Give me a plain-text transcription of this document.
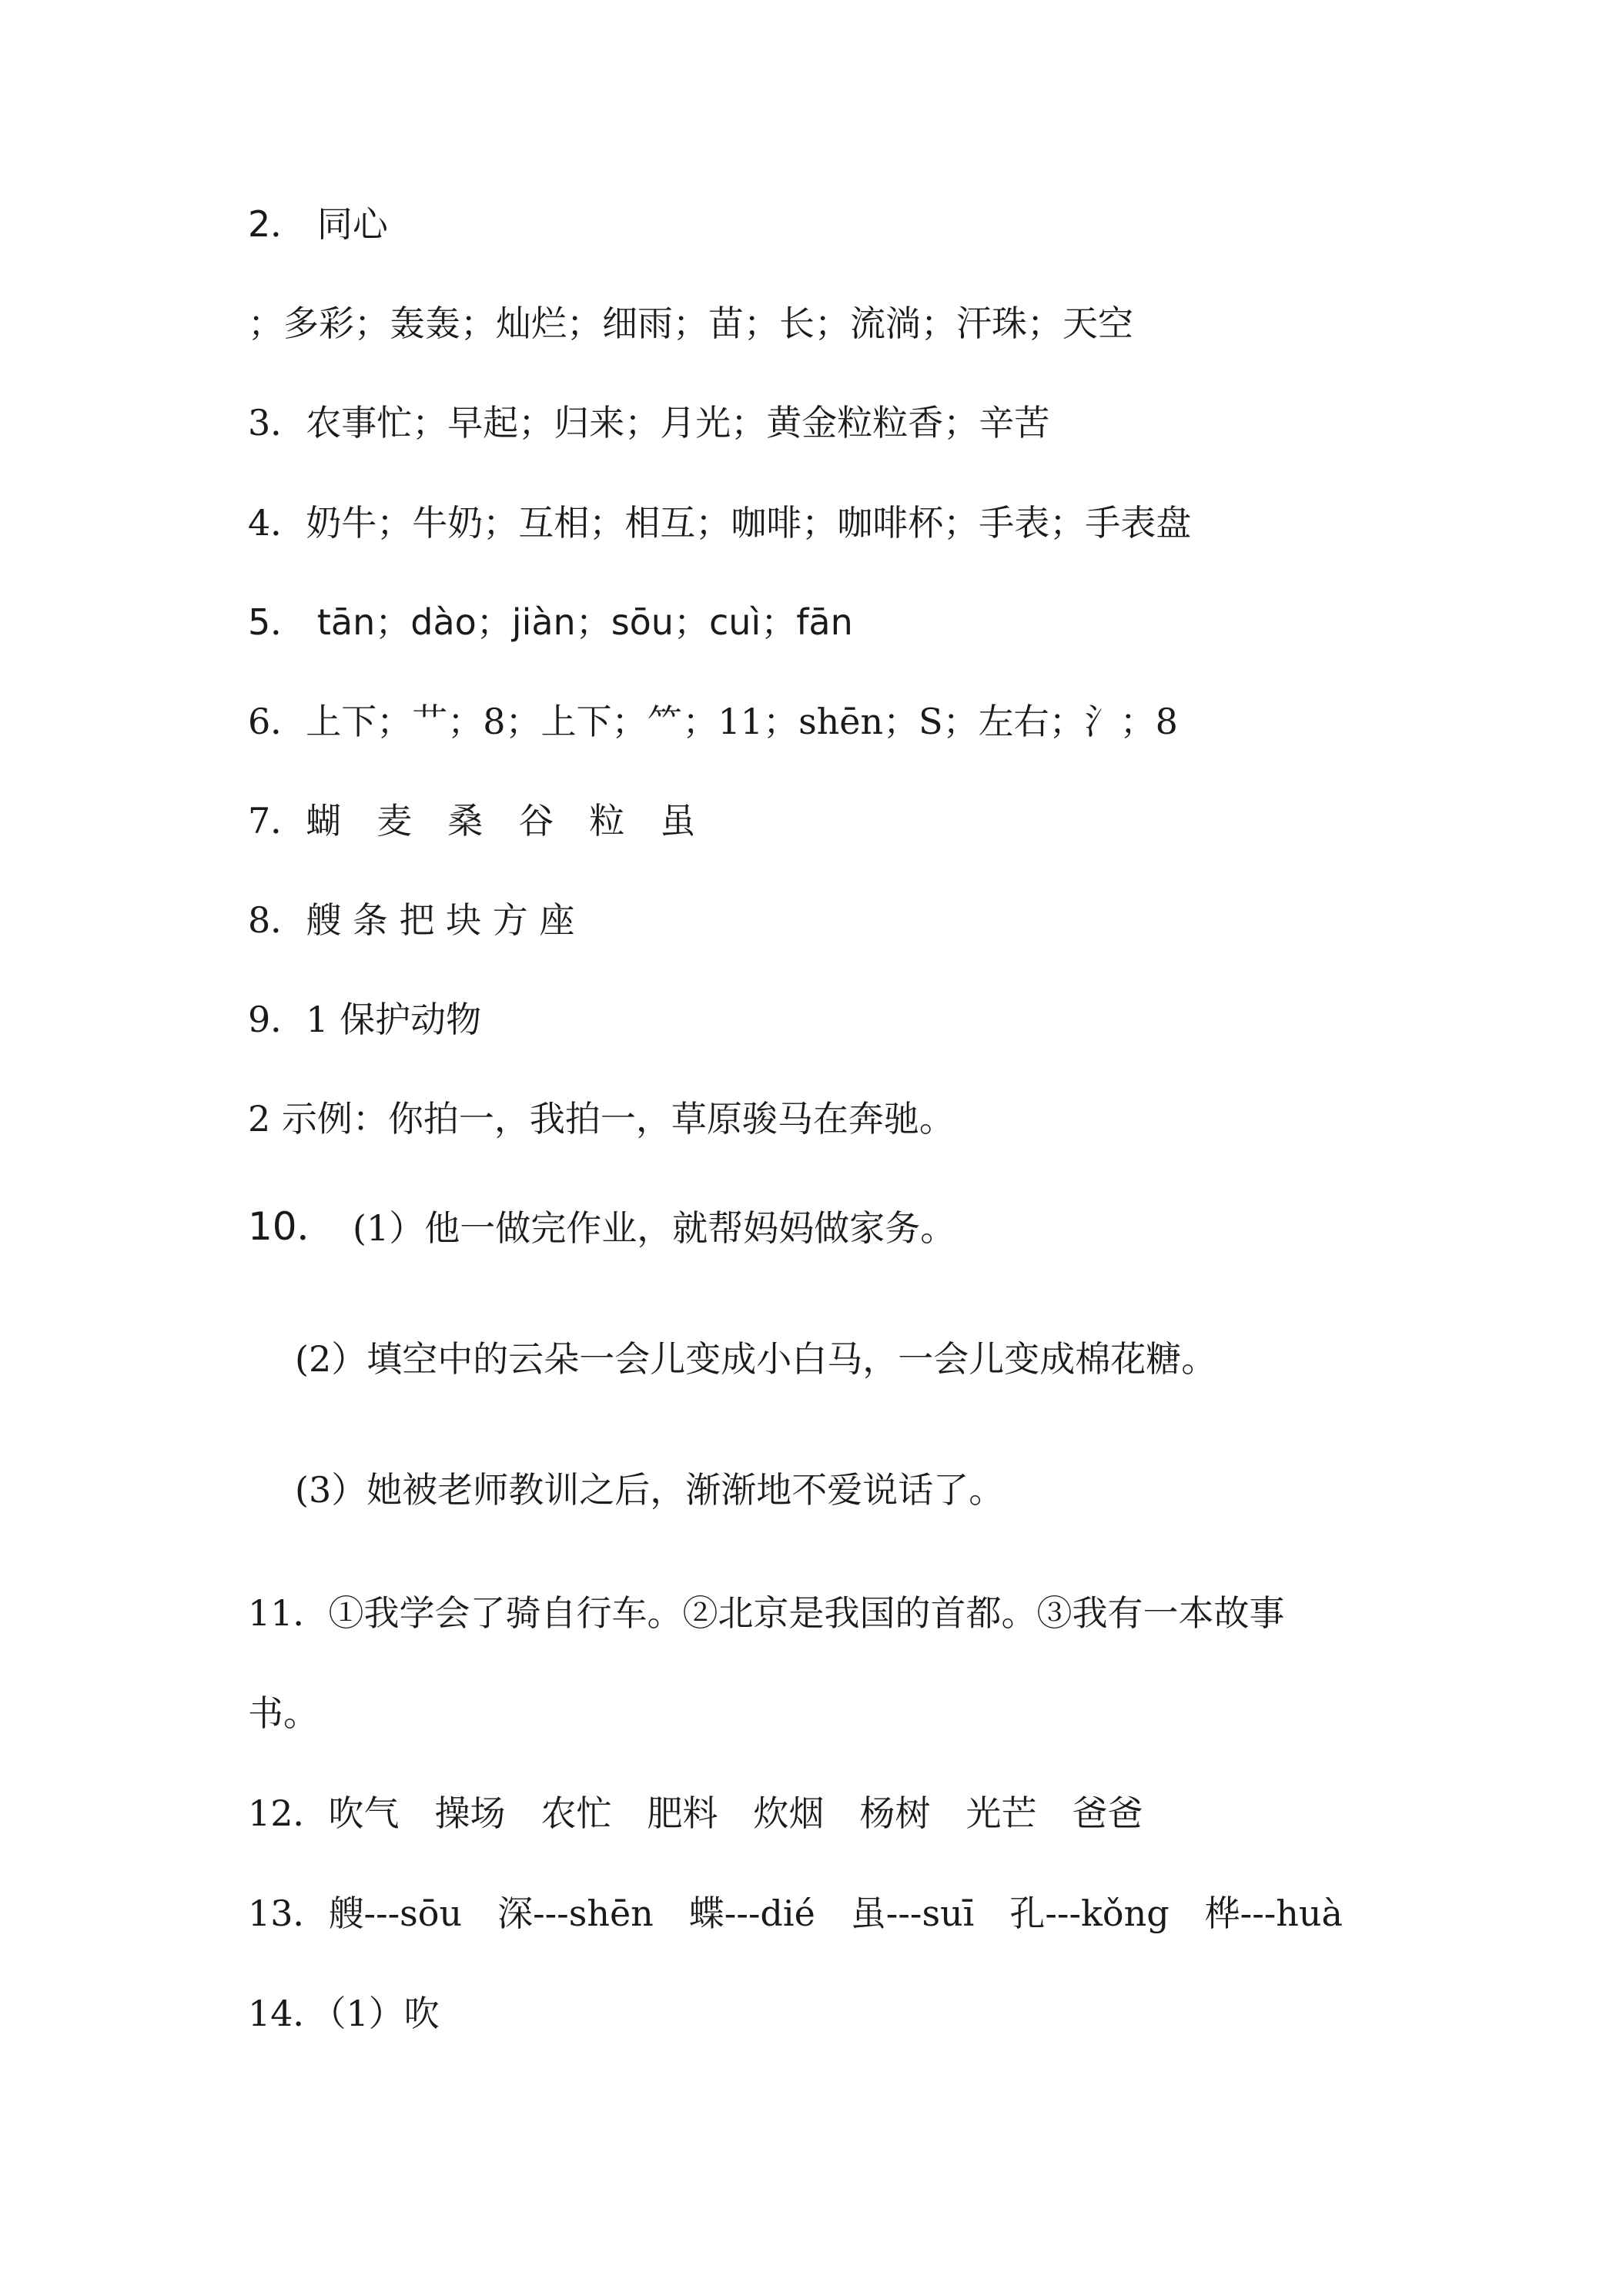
2． 同心
；多彩；轰轰；灿烂；细雨；苗；长；流淌；汗珠；天空
3．农事忙；早起；归来；月光；黄金粒粒香；辛苦
4．奶牛；牛奶；互相；相互；咖啡；咖啡杯；手表；手表盘
5． tān；dào；jiàn；sōu；cuì；fān
6．上下；艹；8；上下；⺮；11；shēn；S；左右；氵；8
7．蝴　麦　桑　谷　粒　虽
8．艘 条 把 块 方 座
9．1 保护动物
2 示例：你拍一，我拍一，草原骏马在奔驰。
10． (1）他一做完作业，就帮妈妈做家务。
(2）填空中的云朵一会儿变成小白马，一会儿变成棉花糖。
(3）她被老师教训之后，渐渐地不爱说话了。
11．①我学会了骑自行车。②北京是我国的首都。③我有一本故事
书。
12．吹气　操场　农忙　肥料　炊烟　杨树　光芒　爸爸
13．艘---sōu　深---shēn　蝶---dié　虽---suī　孔---kǒng　桦---huà
14．（1）吹
